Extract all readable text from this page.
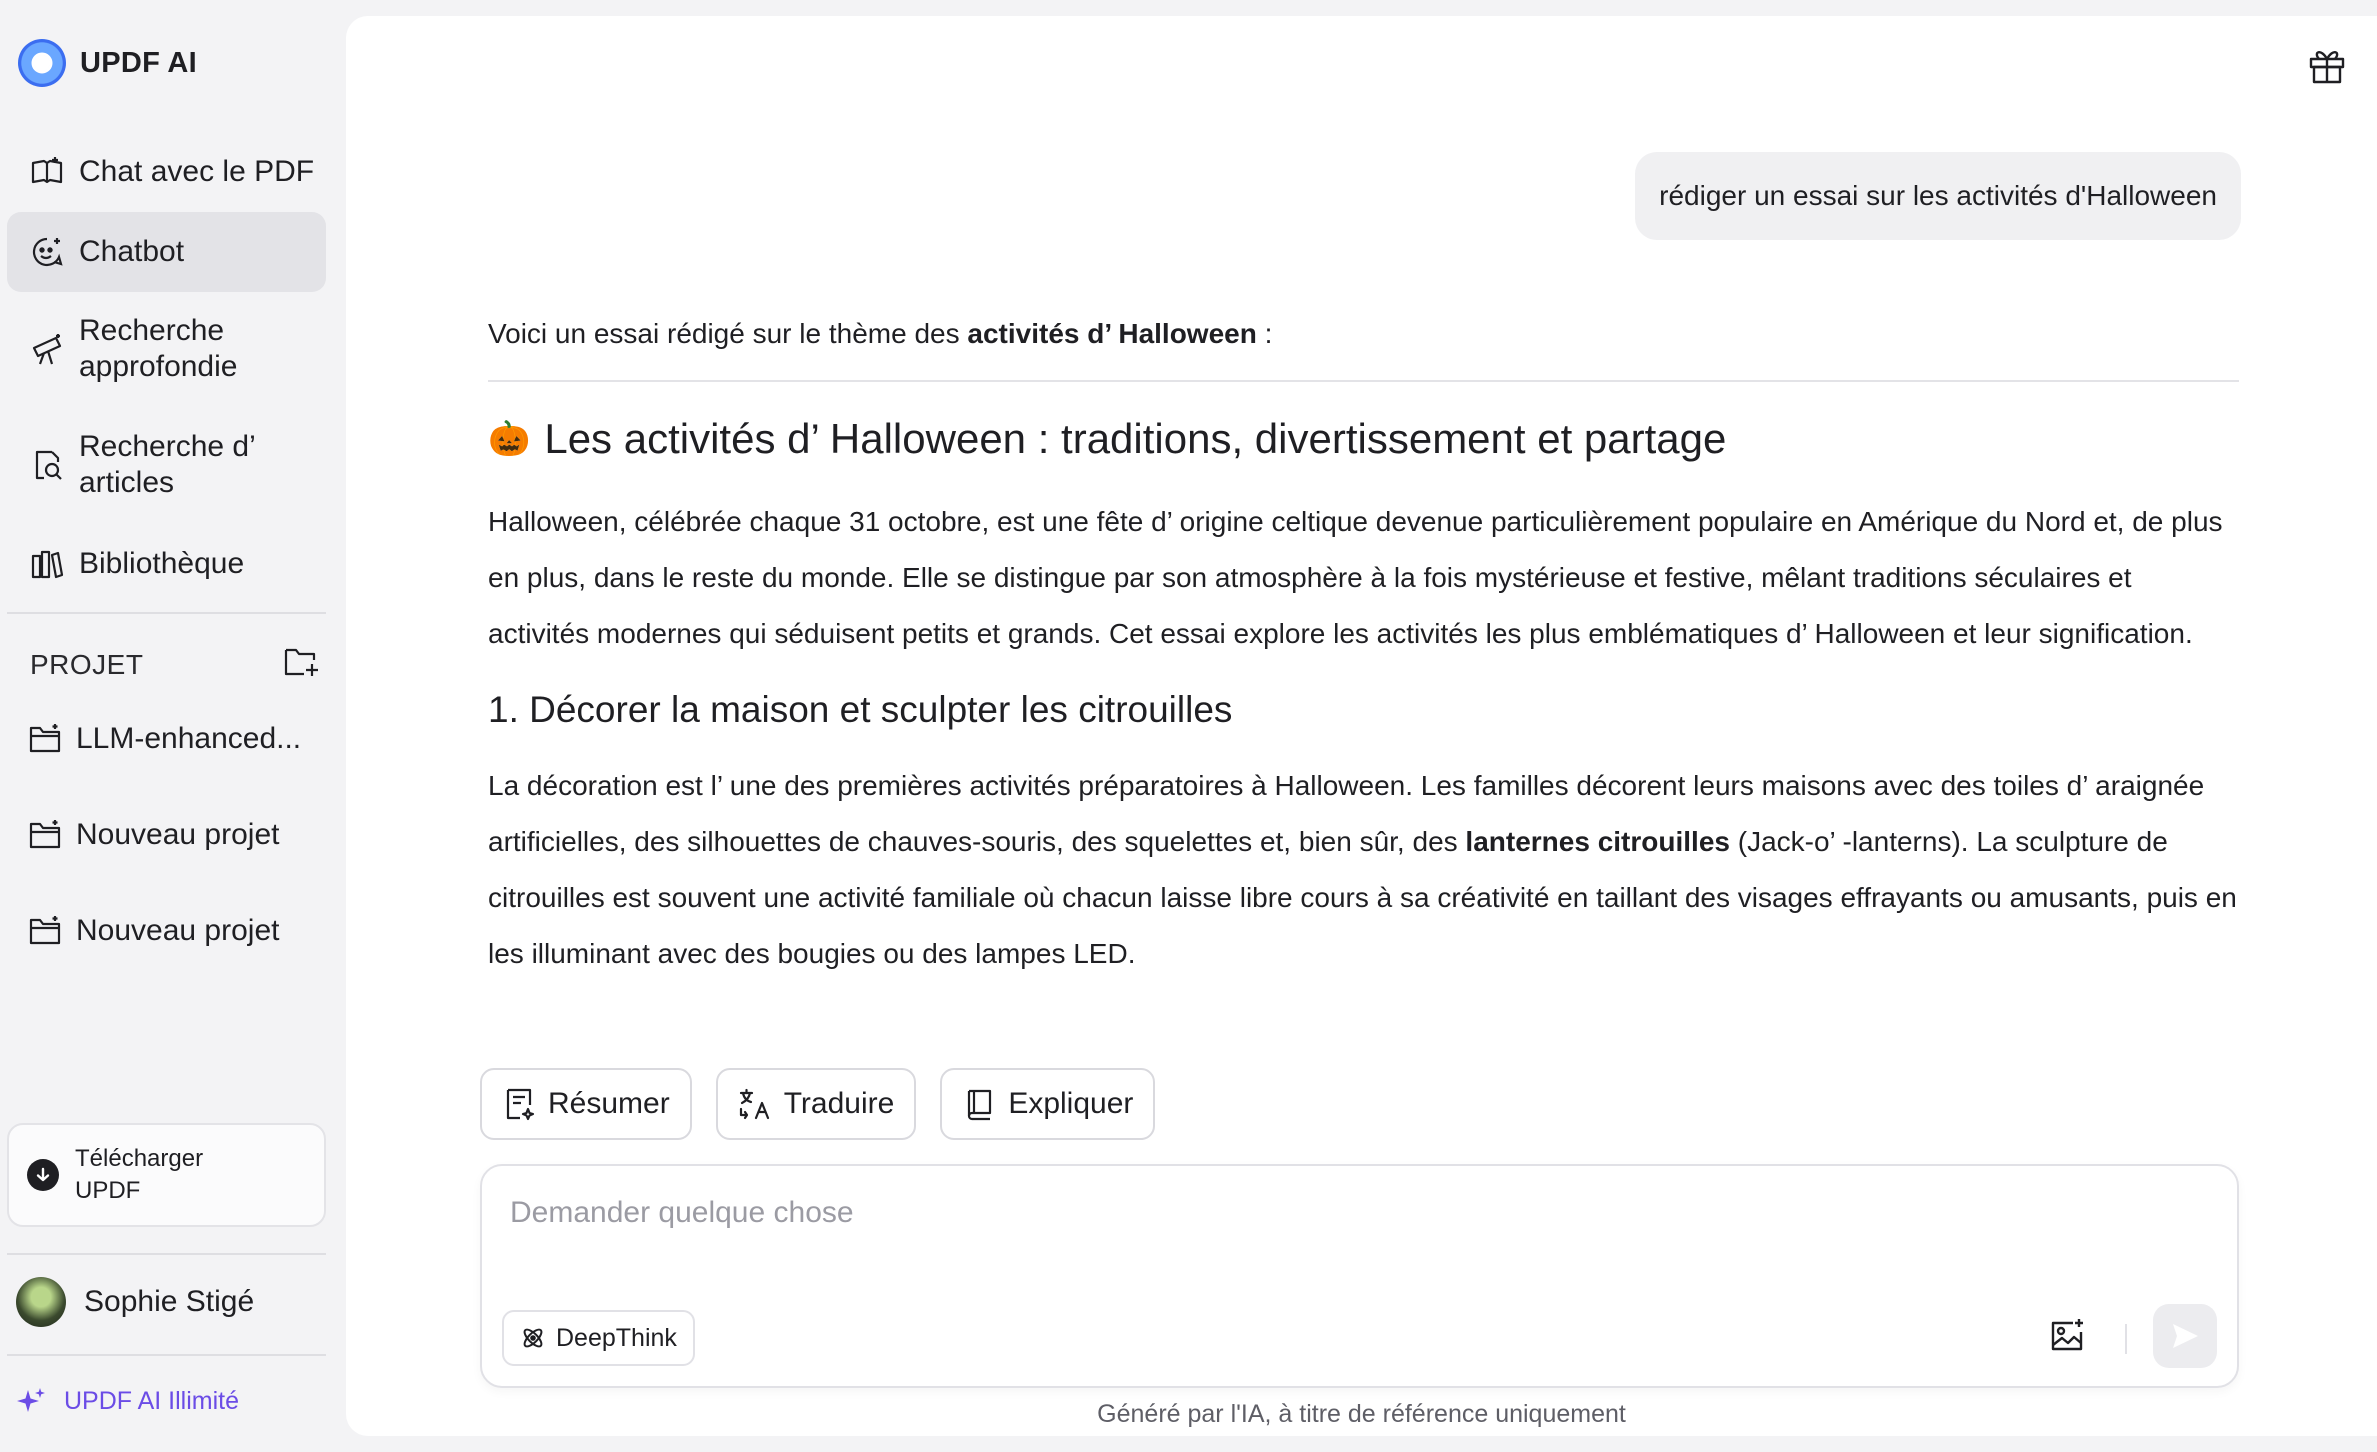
UPDF AI
Chat avec le PDF
Chatbot
Recherche approfondie
Recherche d’ articles
Bibliothèque
PROJET
LLM-enhanced...
Nouveau projet
Nouveau projet
Télécharger UPDF
Sophie Stigé
UPDF AI Illimité
rédiger un essai sur les activités d'Halloween
Voici un essai rédigé sur le thème des activités d’ Halloween :
🎃 Les activités d’ Halloween : traditions, divertissement et partage

Halloween, célébrée chaque 31 octobre, est une fête d’ origine celtique devenue particulièrement populaire en Amérique du Nord et, de plus en plus, dans le reste du monde. Elle se distingue par son atmosphère à la fois mystérieuse et festive, mêlant traditions séculaires et activités modernes qui séduisent petits et grands. Cet essai explore les activités les plus emblématiques d’ Halloween et leur signification.

1. Décorer la maison et sculpter les citrouilles

La décoration est l’ une des premières activités préparatoires à Halloween. Les familles décorent leurs maisons avec des toiles d’ araignée artificielles, des silhouettes de chauves-souris, des squelettes et, bien sûr, des lanternes citrouilles (Jack-o’ -lanterns). La sculpture de citrouilles est souvent une activité familiale où chacun laisse libre cours à sa créativité en taillant des visages effrayants ou amusants, puis en les illuminant avec des bougies ou des lampes LED.

Résumer	Traduire	Expliquer
Demander quelque chose
DeepThink
Généré par l'IA, à titre de référence uniquement
